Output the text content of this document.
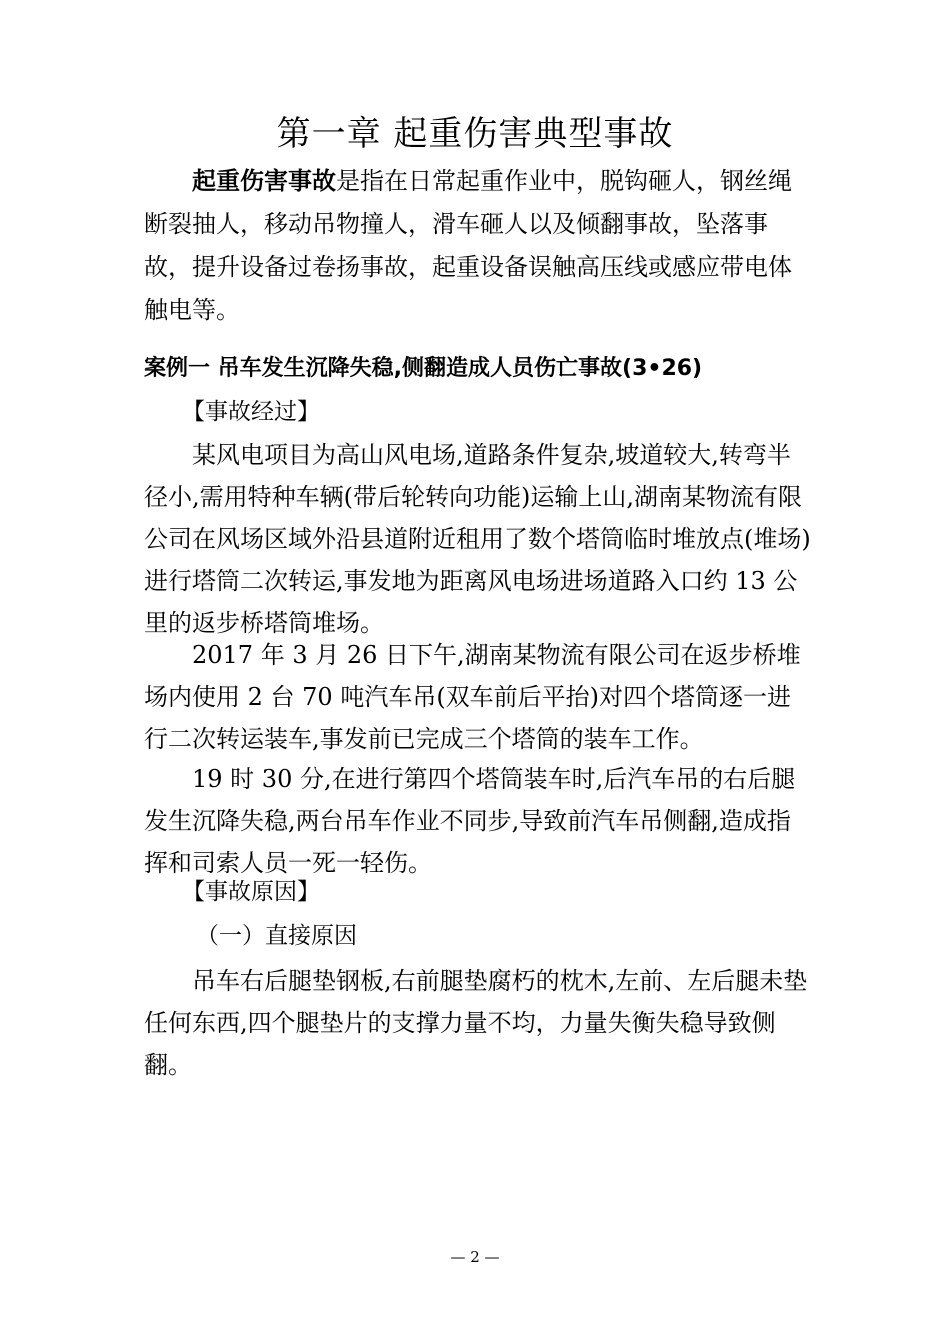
第一章 起重伤害典型事故

起重伤害事故是指在日常起重作业中，脱钩砸人，钢丝绳断裂抽人，移动吊物撞人，滑车砸人以及倾翻事故，坠落事故，提升设备过卷扬事故，起重设备误触高压线或感应带电体触电等。

案例一 吊车发生沉降失稳,侧翻造成人员伤亡事故(3•26)
【事故经过】

某风电项目为高山风电场,道路条件复杂,坡道较大,转弯半径小,需用特种车辆(带后轮转向功能)运输上山,湖南某物流有限公司在风场区域外沿县道附近租用了数个塔筒临时堆放点(堆场)进行塔筒二次转运,事发地为距离风电场进场道路入口约 13 公里的返步桥塔筒堆场。

2017 年 3 月 26 日下午,湖南某物流有限公司在返步桥堆场内使用 2 台 70 吨汽车吊(双车前后平抬)对四个塔筒逐一进行二次转运装车,事发前已完成三个塔筒的装车工作。

19 时 30 分,在进行第四个塔筒装车时,后汽车吊的右后腿发生沉降失稳,两台吊车作业不同步,导致前汽车吊侧翻,造成指挥和司索人员一死一轻伤。

【事故原因】
（一）直接原因

吊车右后腿垫钢板,右前腿垫腐朽的枕木,左前、左后腿未垫任何东西,四个腿垫片的支撑力量不均，力量失衡失稳导致侧翻。

— 2 —
